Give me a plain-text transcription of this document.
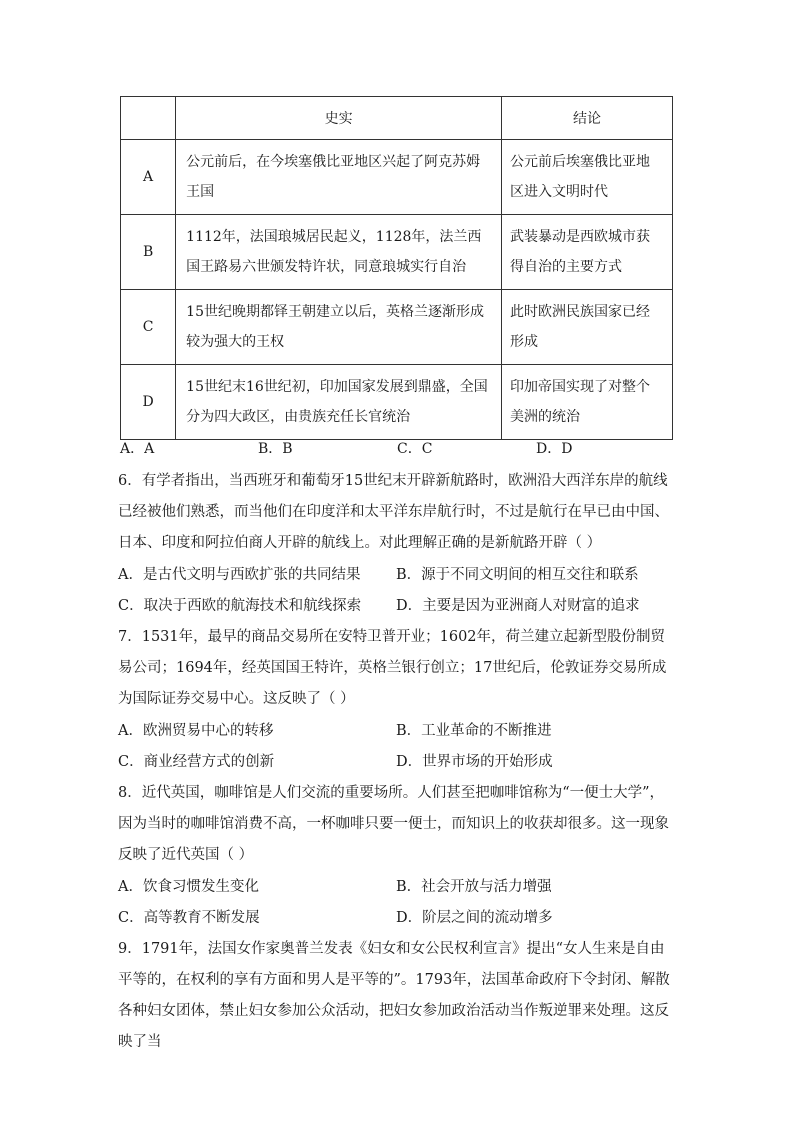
	史实	结论
A	公元前后，在今埃塞俄比亚地区兴起了阿克苏姆王国	公元前后埃塞俄比亚地区进入文明时代
B	1112年，法国琅城居民起义，1128年，法兰西国王路易六世颁发特许状，同意琅城实行自治	武装暴动是西欧城市获得自治的主要方式
C	15世纪晚期都铎王朝建立以后，英格兰逐渐形成较为强大的王权	此时欧洲民族国家已经形成
D	15世纪末16世纪初，印加国家发展到鼎盛，全国分为四大政区，由贵族充任长官统治	印加帝国实现了对整个美洲的统治
A．A	B．B	C．C	D．D
6．有学者指出，当西班牙和葡萄牙15世纪末开辟新航路时，欧洲沿大西洋东岸的航线已经被他们熟悉，而当他们在印度洋和太平洋东岸航行时，不过是航行在早已由中国、日本、印度和阿拉伯商人开辟的航线上。对此理解正确的是新航路开辟（ ）
A．是古代文明与西欧扩张的共同结果 B．源于不同文明间的相互交往和联系
C．取决于西欧的航海技术和航线探索 D．主要是因为亚洲商人对财富的追求
7．1531年，最早的商品交易所在安特卫普开业；1602年，荷兰建立起新型股份制贸易公司；1694年，经英国国王特许，英格兰银行创立；17世纪后，伦敦证券交易所成为国际证券交易中心。这反映了（ ）
A．欧洲贸易中心的转移	B．工业革命的不断推进
C．商业经营方式的创新	D．世界市场的开始形成
8．近代英国，咖啡馆是人们交流的重要场所。人们甚至把咖啡馆称为“一便士大学”，因为当时的咖啡馆消费不高，一杯咖啡只要一便士，而知识上的收获却很多。这一现象反映了近代英国（ ）
A．饮食习惯发生变化	B．社会开放与活力增强
C．高等教育不断发展	D．阶层之间的流动增多
9．1791年，法国女作家奥普兰发表《妇女和女公民权利宣言》提出“女人生来是自由平等的，在权利的享有方面和男人是平等的”。1793年，法国革命政府下令封闭、解散各种妇女团体，禁止妇女参加公众活动，把妇女参加政治活动当作叛逆罪来处理。这反映了当
